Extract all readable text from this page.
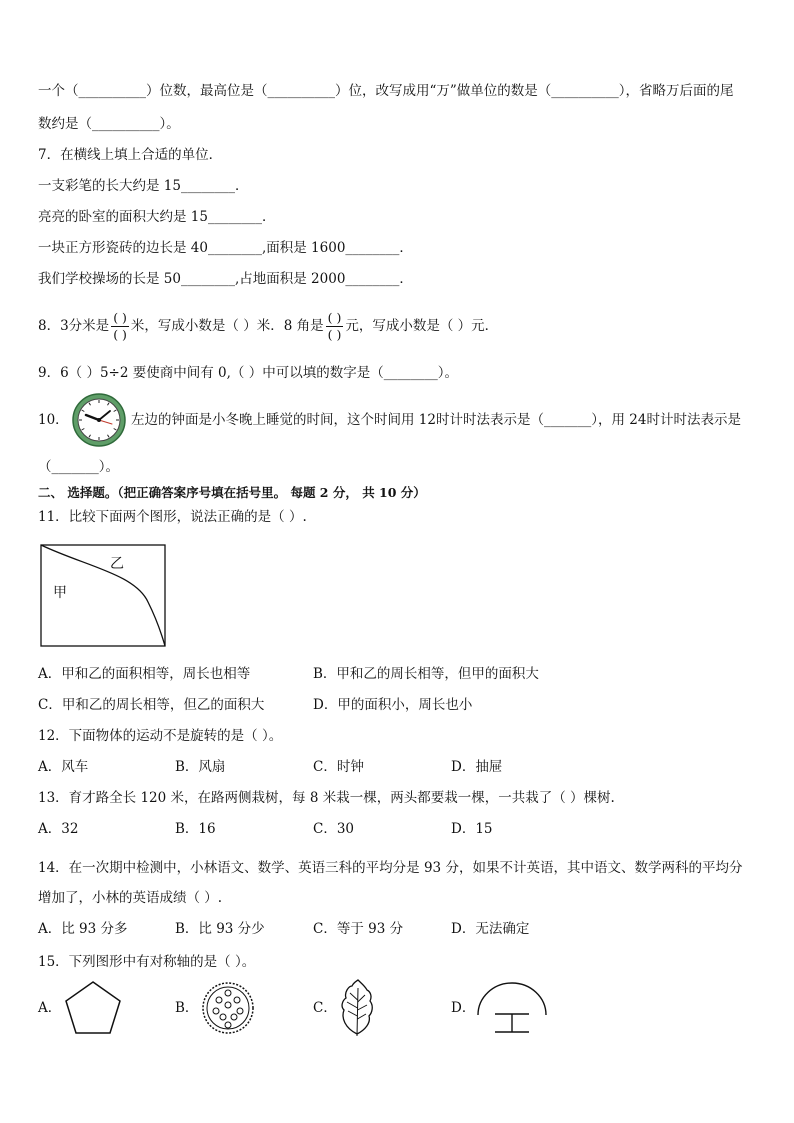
一个（__________）位数，最高位是（__________）位，改写成用“万”做单位的数是（__________），省略万后面的尾
数约是（__________）。
7．在横线上填上合适的单位．
一支彩笔的长大约是 15________．
亮亮的卧室的面积大约是 15________．
一块正方形瓷砖的边长是 40________,面积是 1600________．
我们学校操场的长是 50________,占地面积是 2000________．
8．3分米是 $\frac{( )}{( )}$ 米，写成小数是（ ）米．8 角是 $\frac{( )}{( )}$ 元，写成小数是（ ）元．
9．6（ ）5÷2 要使商中间有 0,（ ）中可以填的数字是（________）。
10．	左边的钟面是小冬晚上睡觉的时间，这个时间用 12时计时法表示是（_______），用 24时计时法表示是
（_______）。
二、 选择题。（把正确答案序号填在括号里。 每题 2 分， 共 10 分）
11．比较下面两个图形，说法正确的是（ ）.
乙
甲
A．甲和乙的面积相等，周长也相等	B．甲和乙的周长相等，但甲的面积大
C．甲和乙的周长相等，但乙的面积大	D．甲的面积小，周长也小
12．下面物体的运动不是旋转的是（ ）。
A．风车	B．风扇	C．时钟	D．抽屉
13．育才路全长 120 米，在路两侧栽树，每 8 米栽一棵，两头都要栽一棵，一共栽了（ ）棵树.
A．32	B．16	C．30	D．15
14．在一次期中检测中，小林语文、数学、英语三科的平均分是 93 分，如果不计英语，其中语文、数学两科的平均分
增加了，小林的英语成绩（ ）.
A．比 93 分多	B．比 93 分少	C．等于 93 分	D．无法确定
15．下列图形中有对称轴的是（ ）。
A．	B．	C．	D．
